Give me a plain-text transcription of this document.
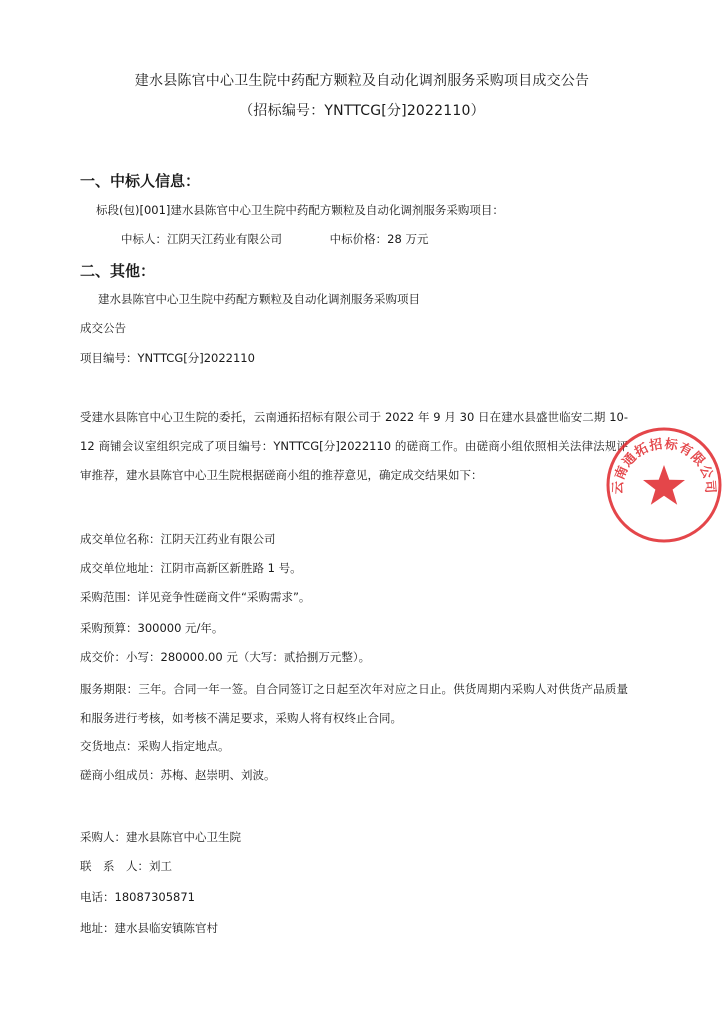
建水县陈官中心卫生院中药配方颗粒及自动化调剂服务采购项目成交公告
（招标编号：YNTTCG[分]2022110）
一、中标人信息：
标段(包)[001]建水县陈官中心卫生院中药配方颗粒及自动化调剂服务采购项目：
中标人：江阴天江药业有限公司	中标价格：28 万元
二、其他：
建水县陈官中心卫生院中药配方颗粒及自动化调剂服务采购项目
成交公告
项目编号：YNTTCG[分]2022110
受建水县陈官中心卫生院的委托，云南通拓招标有限公司于 2022 年 9 月 30 日在建水县盛世临安二期 10-12 商铺会议室组织完成了项目编号：YNTTCG[分]2022110 的磋商工作。由磋商小组依照相关法律法规评审推荐，建水县陈官中心卫生院根据磋商小组的推荐意见，确定成交结果如下：
成交单位名称：江阴天江药业有限公司
成交单位地址：江阴市高新区新胜路 1 号。
采购范围：详见竞争性磋商文件“采购需求”。
采购预算：300000 元/年。
成交价：小写：280000.00 元（大写：贰拾捌万元整）。
服务期限：三年。合同一年一签。自合同签订之日起至次年对应之日止。供货周期内采购人对供货产品质量和服务进行考核，如考核不满足要求，采购人将有权终止合同。
交货地点：采购人指定地点。
磋商小组成员：苏梅、赵崇明、刘波。
采购人：建水县陈官中心卫生院
联　系　人：刘工
电话：18087305871
地址：建水县临安镇陈官村
云南通拓招标有限公司
